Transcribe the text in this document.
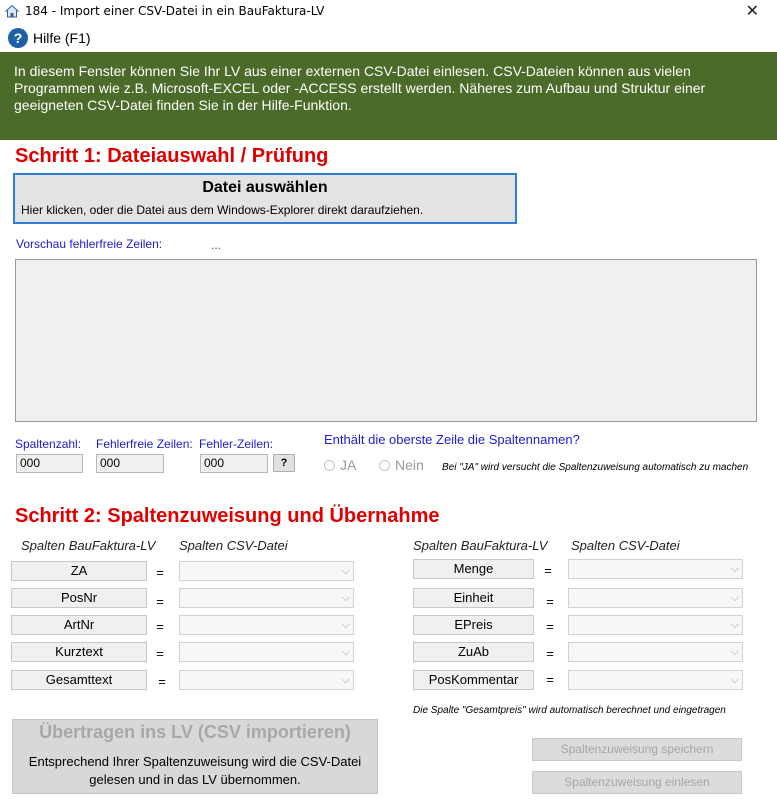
184 - Import einer CSV-Datei in ein BauFaktura-LV	✕
? Hilfe (F1)
In diesem Fenster können Sie Ihr LV aus einer externen CSV-Datei einlesen. CSV-Dateien können aus vielen Programmen wie z.B. Microsoft-EXCEL oder -ACCESS erstellt werden. Näheres zum Aufbau und Struktur einer geeigneten CSV-Datei finden Sie in der Hilfe-Funktion.
Schritt 1: Dateiauswahl / Prüfung
Datei auswählen
Hier klicken, oder die Datei aus dem Windows-Explorer direkt daraufziehen.
Vorschau fehlerfreie Zeilen:	...
Spaltenzahl:
000
Fehlerfreie Zeilen:
000
Fehler-Zeilen:
000	?
Enthält die oberste Zeile die Spaltennamen?
JA	Nein Bei "JA" wird versucht die Spaltenzuweisung automatisch zu machen
Schritt 2: Spaltenzuweisung und Übernahme
Spalten BauFaktura-LV Spalten CSV-Datei	Spalten BauFaktura-LV Spalten CSV-Datei
ZA	=	⌵
PosNr	=	⌵
ArtNr	=	⌵
Kurztext	=	⌵
Gesamttext	=	⌵
Menge	=	⌵
Einheit	=	⌵
EPreis	=	⌵
ZuAb	=	⌵
PosKommentar	=	⌵
Die Spalte "Gesamtpreis" wird automatisch berechnet und eingetragen
Übertragen ins LV (CSV importieren)
Entsprechend Ihrer Spaltenzuweisung wird die CSV-Datei
gelesen und in das LV übernommen.
Spaltenzuweisung speichern
Spaltenzuweisung einlesen
